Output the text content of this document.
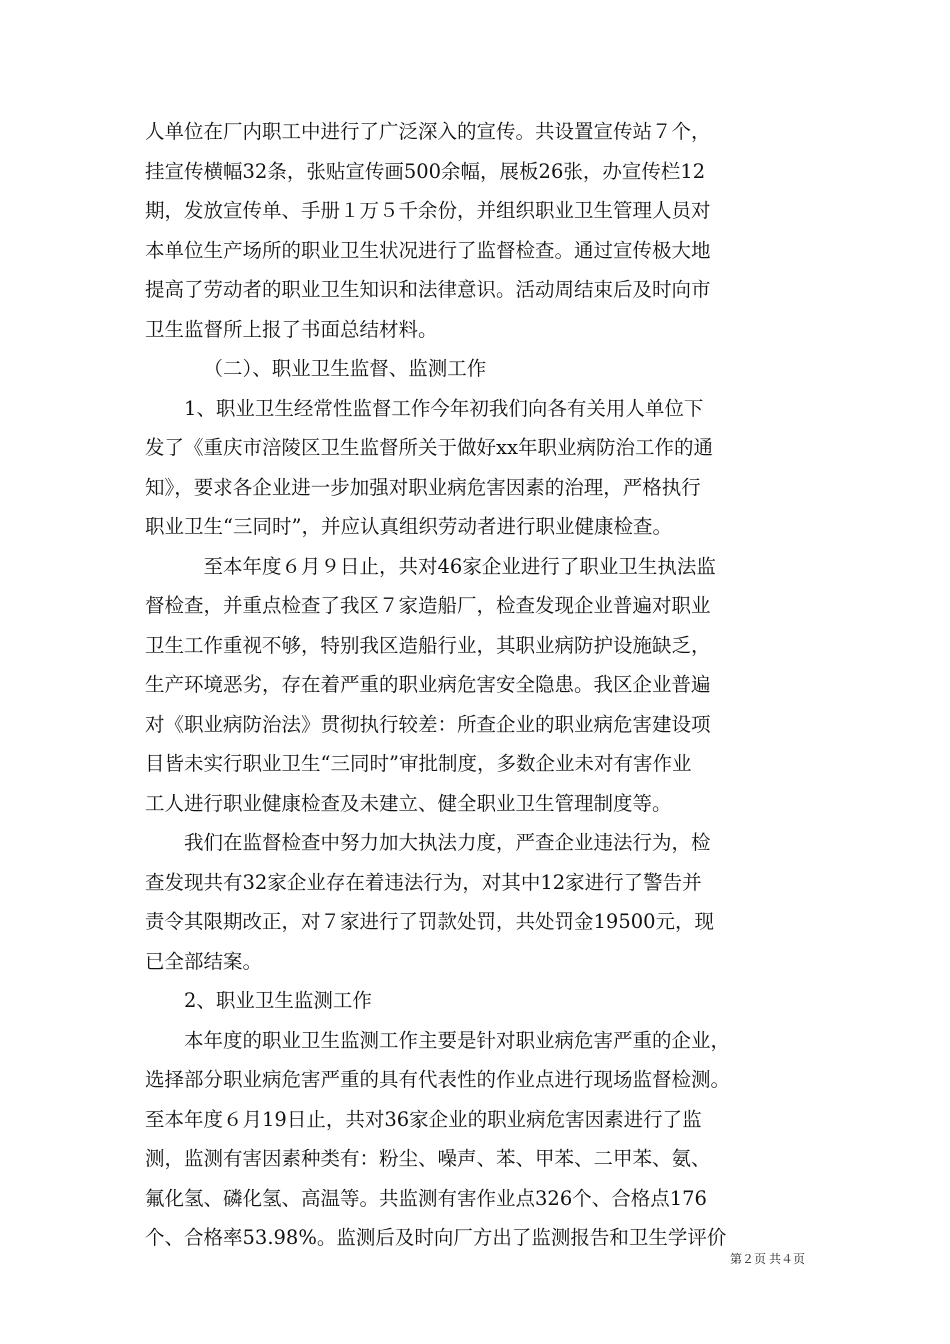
人单位在厂内职工中进行了广泛深入的宣传。共设置宣传站７个，
挂宣传横幅32条，张贴宣传画500余幅，展板26张，办宣传栏12
期，发放宣传单、手册１万５千余份，并组织职业卫生管理人员对
本单位生产场所的职业卫生状况进行了监督检查。通过宣传极大地
提高了劳动者的职业卫生知识和法律意识。活动周结束后及时向市
卫生监督所上报了书面总结材料。
（二）、职业卫生监督、监测工作
1、职业卫生经常性监督工作今年初我们向各有关用人单位下
发了《重庆市涪陵区卫生监督所关于做好xx年职业病防治工作的通
知》，要求各企业进一步加强对职业病危害因素的治理，严格执行
职业卫生“三同时”，并应认真组织劳动者进行职业健康检查。
至本年度６月９日止，共对46家企业进行了职业卫生执法监
督检查，并重点检查了我区７家造船厂，检查发现企业普遍对职业
卫生工作重视不够，特别我区造船行业，其职业病防护设施缺乏，
生产环境恶劣，存在着严重的职业病危害安全隐患。我区企业普遍
对《职业病防治法》贯彻执行较差：所查企业的职业病危害建设项
目皆未实行职业卫生“三同时”审批制度，多数企业未对有害作业
工人进行职业健康检查及未建立、健全职业卫生管理制度等。
我们在监督检查中努力加大执法力度，严查企业违法行为，检
查发现共有32家企业存在着违法行为，对其中12家进行了警告并
责令其限期改正，对７家进行了罚款处罚，共处罚金19500元，现
已全部结案。
2、职业卫生监测工作
本年度的职业卫生监测工作主要是针对职业病危害严重的企业，
选择部分职业病危害严重的具有代表性的作业点进行现场监督检测。
至本年度６月19日止，共对36家企业的职业病危害因素进行了监
测，监测有害因素种类有：粉尘、噪声、苯、甲苯、二甲苯、氨、
氟化氢、磷化氢、高温等。共监测有害作业点326个、合格点176
个、合格率53.98%。监测后及时向厂方出了监测报告和卫生学评价
第２页 共４页
